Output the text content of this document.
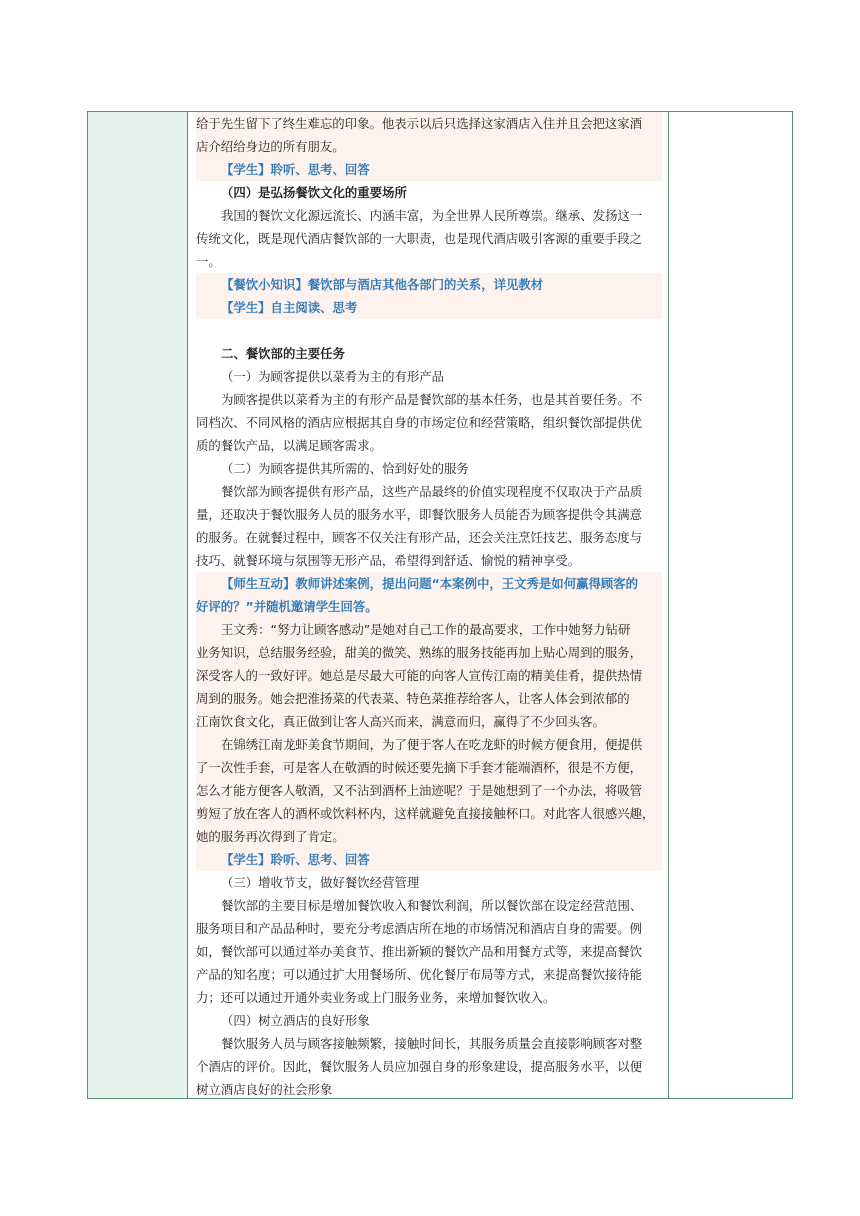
给于先生留下了终生难忘的印象。他表示以后只选择这家酒店入住并且会把这家酒
店介绍给身边的所有朋友。
【学生】聆听、思考、回答
（四）是弘扬餐饮文化的重要场所
我国的餐饮文化源远流长、内涵丰富，为全世界人民所尊崇。继承、发扬这一
传统文化，既是现代酒店餐饮部的一大职责，也是现代酒店吸引客源的重要手段之
一。
【餐饮小知识】餐饮部与酒店其他各部门的关系，详见教材
【学生】自主阅读、思考
二、餐饮部的主要任务
（一）为顾客提供以菜肴为主的有形产品
为顾客提供以菜肴为主的有形产品是餐饮部的基本任务，也是其首要任务。不
同档次、不同风格的酒店应根据其自身的市场定位和经营策略，组织餐饮部提供优
质的餐饮产品，以满足顾客需求。
（二）为顾客提供其所需的、恰到好处的服务
餐饮部为顾客提供有形产品，这些产品最终的价值实现程度不仅取决于产品质
量，还取决于餐饮服务人员的服务水平，即餐饮服务人员能否为顾客提供令其满意
的服务。在就餐过程中，顾客不仅关注有形产品，还会关注烹饪技艺、服务态度与
技巧、就餐环境与氛围等无形产品，希望得到舒适、愉悦的精神享受。
【师生互动】教师讲述案例，提出问题“本案例中，王文秀是如何赢得顾客的
好评的？”并随机邀请学生回答。
王文秀：“努力让顾客感动”是她对自己工作的最高要求，工作中她努力钻研
业务知识，总结服务经验，甜美的微笑、熟练的服务技能再加上贴心周到的服务，
深受客人的一致好评。她总是尽最大可能的向客人宣传江南的精美佳肴，提供热情
周到的服务。她会把淮扬菜的代表菜、特色菜推荐给客人，让客人体会到浓郁的
江南饮食文化，真正做到让客人高兴而来，满意而归，赢得了不少回头客。
在锦绣江南龙虾美食节期间，为了便于客人在吃龙虾的时候方便食用，便提供
了一次性手套，可是客人在敬酒的时候还要先摘下手套才能端酒杯，很是不方便，
怎么才能方便客人敬酒，又不沾到酒杯上油迹呢？于是她想到了一个办法，将吸管
剪短了放在客人的酒杯或饮料杯内，这样就避免直接接触杯口。对此客人很感兴趣，
她的服务再次得到了肯定。
【学生】聆听、思考、回答
（三）增收节支，做好餐饮经营管理
餐饮部的主要目标是增加餐饮收入和餐饮利润，所以餐饮部在设定经营范围、
服务项目和产品品种时，要充分考虑酒店所在地的市场情况和酒店自身的需要。例
如，餐饮部可以通过举办美食节、推出新颖的餐饮产品和用餐方式等，来提高餐饮
产品的知名度；可以通过扩大用餐场所、优化餐厅布局等方式，来提高餐饮接待能
力；还可以通过开通外卖业务或上门服务业务，来增加餐饮收入。
（四）树立酒店的良好形象
餐饮服务人员与顾客接触频繁，接触时间长，其服务质量会直接影响顾客对整
个酒店的评价。因此，餐饮服务人员应加强自身的形象建设，提高服务水平，以便
树立酒店良好的社会形象
